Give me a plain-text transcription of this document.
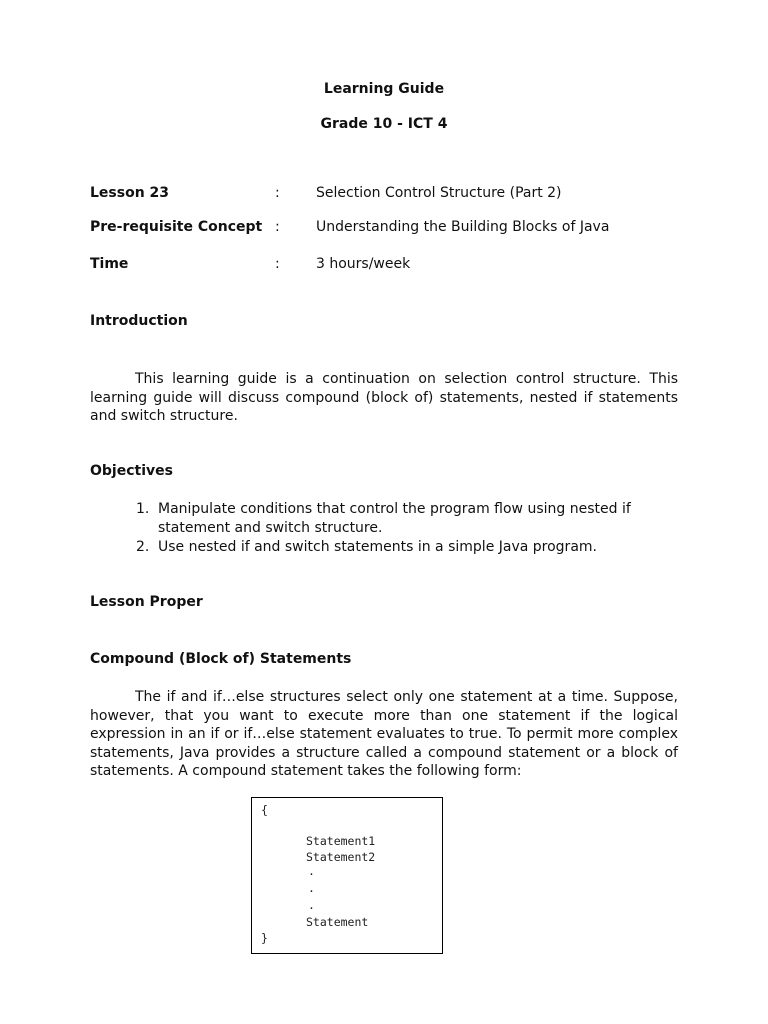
Learning Guide
Grade 10 - ICT 4
Lesson 23	:	Selection Control Structure (Part 2)
Pre-requisite Concept :	Understanding the Building Blocks of Java
Time	:	3 hours/week
Introduction
This learning guide is a continuation on selection control structure. This learning guide will discuss compound (block of) statements, nested if statements and switch structure.
Objectives
1. Manipulate conditions that control the program flow using nested if statement and switch structure.
2. Use nested if and switch statements in a simple Java program.
Lesson Proper
Compound (Block of) Statements
The if and if…else structures select only one statement at a time. Suppose, however, that you want to execute more than one statement if the logical expression in an if or if…else statement evaluates to true. To permit more complex statements, Java provides a structure called a compound statement or a block of statements. A compound statement takes the following form:
{
Statement1
Statement2
.
.
.
Statement
}
